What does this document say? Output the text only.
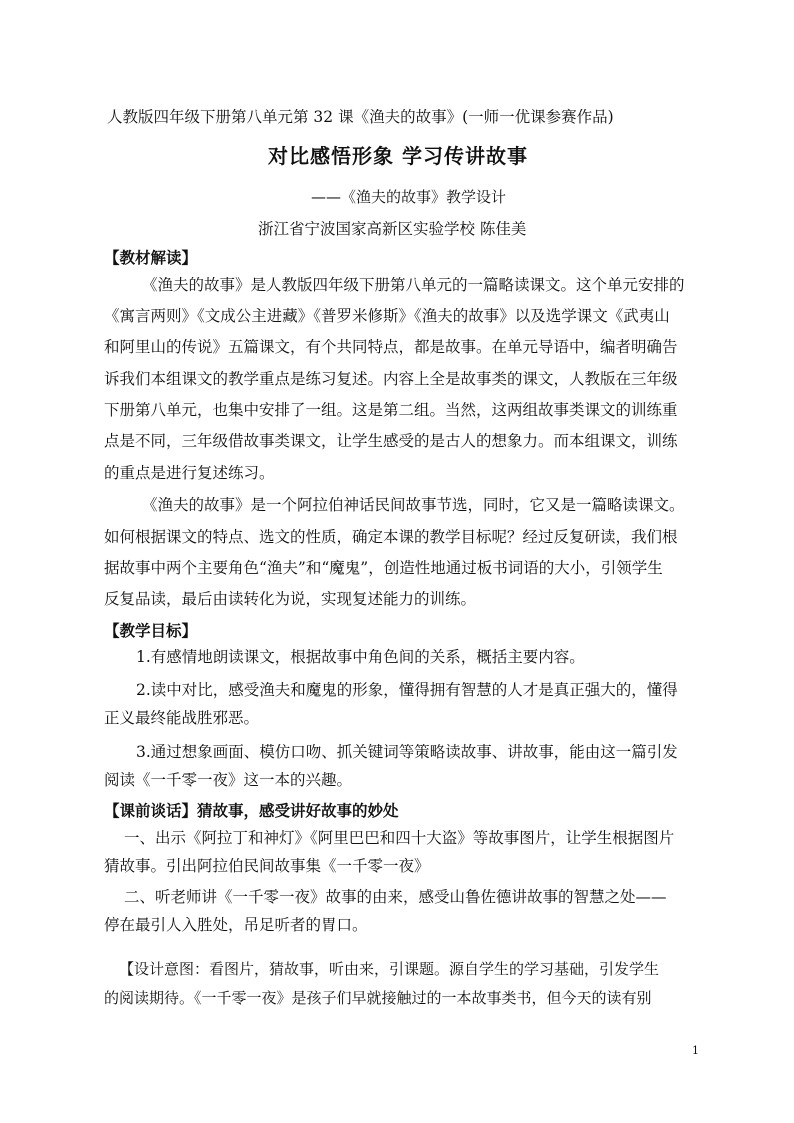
人教版四年级下册第八单元第 32 课《渔夫的故事》(一师一优课参赛作品)
对比感悟形象 学习传讲故事
——《渔夫的故事》教学设计
浙江省宁波国家高新区实验学校 陈佳美
【教材解读】
《渔夫的故事》是人教版四年级下册第八单元的一篇略读课文。这个单元安排的
《寓言两则》《文成公主进藏》《普罗米修斯》《渔夫的故事》以及选学课文《武夷山
和阿里山的传说》五篇课文，有个共同特点，都是故事。在单元导语中，编者明确告
诉我们本组课文的教学重点是练习复述。内容上全是故事类的课文，人教版在三年级
下册第八单元，也集中安排了一组。这是第二组。当然，这两组故事类课文的训练重
点是不同，三年级借故事类课文，让学生感受的是古人的想象力。而本组课文，训练
的重点是进行复述练习。
《渔夫的故事》是一个阿拉伯神话民间故事节选，同时，它又是一篇略读课文。
如何根据课文的特点、选文的性质，确定本课的教学目标呢？经过反复研读，我们根
据故事中两个主要角色“渔夫”和“魔鬼”，创造性地通过板书词语的大小，引领学生
反复品读，最后由读转化为说，实现复述能力的训练。
【教学目标】
1.有感情地朗读课文，根据故事中角色间的关系，概括主要内容。
2.读中对比，感受渔夫和魔鬼的形象，懂得拥有智慧的人才是真正强大的，懂得
正义最终能战胜邪恶。
3.通过想象画面、模仿口吻、抓关键词等策略读故事、讲故事，能由这一篇引发
阅读《一千零一夜》这一本的兴趣。
【课前谈话】猜故事，感受讲好故事的妙处
一、出示《阿拉丁和神灯》《阿里巴巴和四十大盗》等故事图片，让学生根据图片
猜故事。引出阿拉伯民间故事集《一千零一夜》
二、听老师讲《一千零一夜》故事的由来，感受山鲁佐德讲故事的智慧之处——
停在最引人入胜处，吊足听者的胃口。
【设计意图：看图片，猜故事，听由来，引课题。源自学生的学习基础，引发学生
的阅读期待。《一千零一夜》是孩子们早就接触过的一本故事类书，但今天的读有别
1
